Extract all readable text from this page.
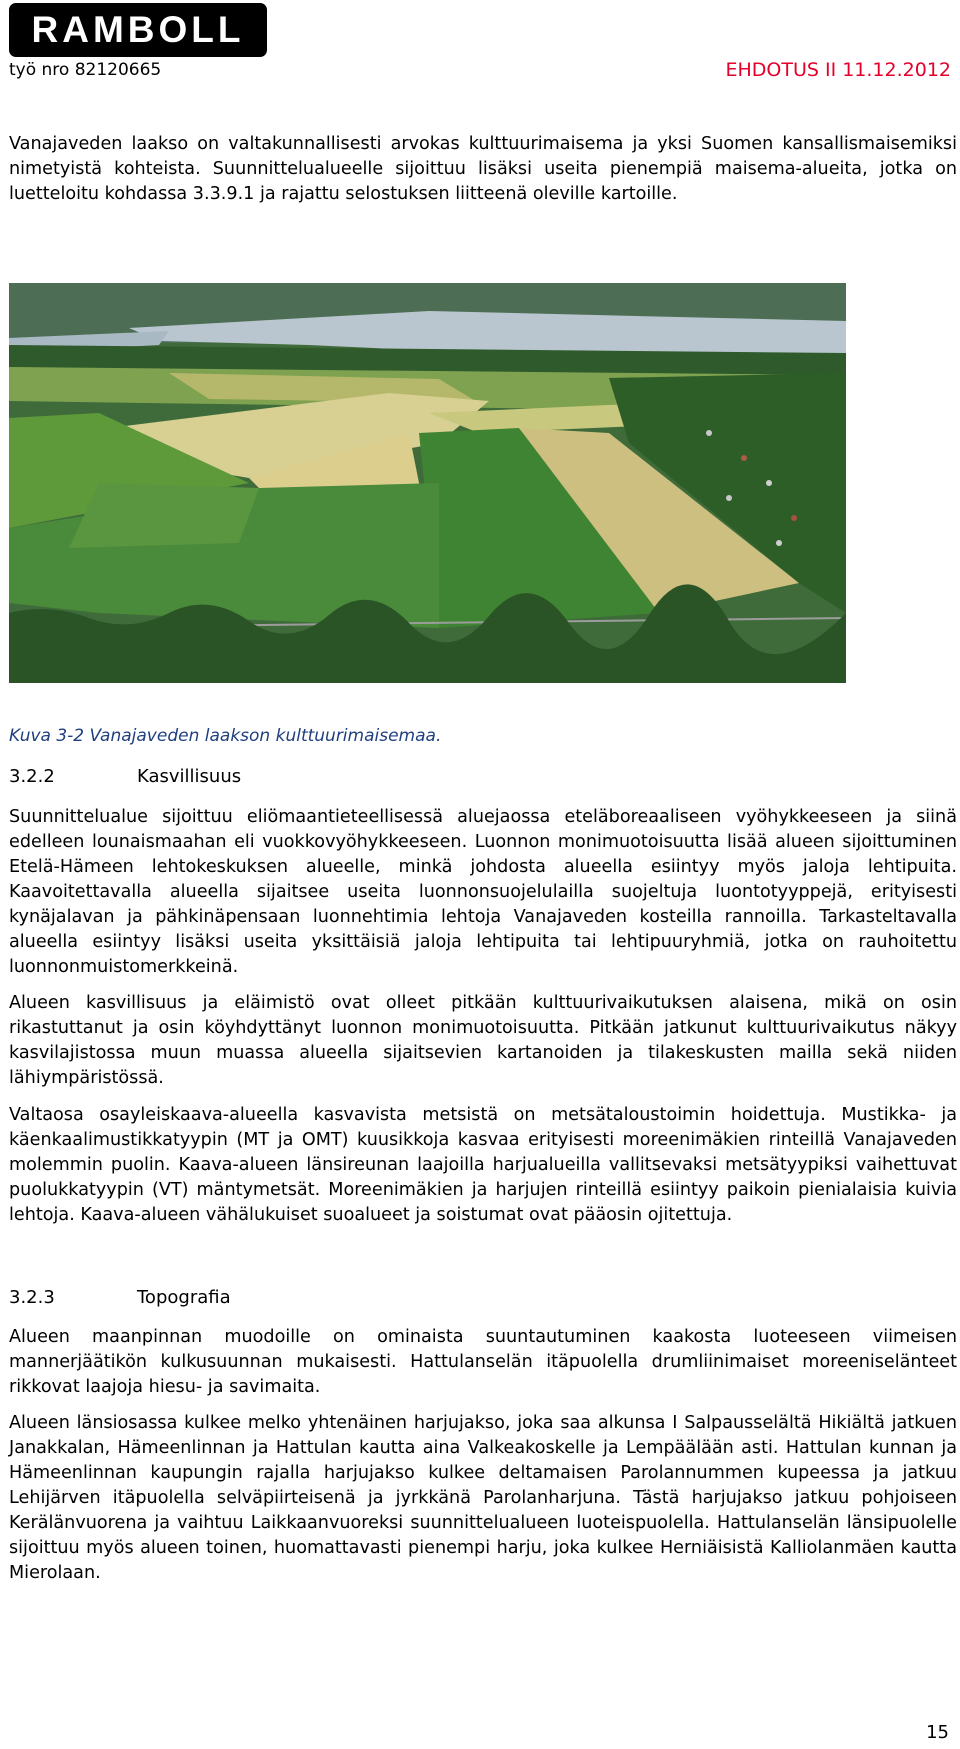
RAMBOLL
työ nro 82120665	EHDOTUS II 11.12.2012

Vanajaveden laakso on valtakunnallisesti arvokas kulttuurimaisema ja yksi Suomen kansallismaisemiksi nimetyistä kohteista. Suunnittelualueelle sijoittuu lisäksi useita pienempiä maisema-alueita, jotka on luetteloitu kohdassa 3.3.9.1 ja rajattu selostuksen liitteenä oleville kartoille.

Kuva 3-2 Vanajaveden laakson kulttuurimaisemaa.
3.2.2	Kasvillisuus

Suunnittelualue sijoittuu eliömaantieteellisessä aluejaossa eteläboreaaliseen vyöhykkeeseen ja siinä edelleen lounaismaahan eli vuokkovyöhykkeeseen. Luonnon monimuotoisuutta lisää alueen sijoittuminen Etelä-Hämeen lehtokeskuksen alueelle, minkä johdosta alueella esiintyy myös jaloja lehtipuita. Kaavoitettavalla alueella sijaitsee useita luonnonsuojelulailla suojeltuja luontotyyppejä, erityisesti kynäjalavan ja pähkinäpensaan luonnehtimia lehtoja Vanajaveden kosteilla rannoilla. Tarkasteltavalla alueella esiintyy lisäksi useita yksittäisiä jaloja lehtipuita tai lehtipuuryhmiä, jotka on rauhoitettu luonnonmuistomerkkeinä.

Alueen kasvillisuus ja eläimistö ovat olleet pitkään kulttuurivaikutuksen alaisena, mikä on osin rikastuttanut ja osin köyhdyttänyt luonnon monimuotoisuutta. Pitkään jatkunut kulttuurivaikutus näkyy kasvilajistossa muun muassa alueella sijaitsevien kartanoiden ja tilakeskusten mailla sekä niiden lähiympäristössä.

Valtaosa osayleiskaava-alueella kasvavista metsistä on metsätaloustoimin hoidettuja. Mustikka- ja käenkaalimustikkatyypin (MT ja OMT) kuusikkoja kasvaa erityisesti moreenimäkien rinteillä Vanajaveden molemmin puolin. Kaava-alueen länsireunan laajoilla harjualueilla vallitsevaksi metsätyypiksi vaihettuvat puolukkatyypin (VT) mäntymetsät. Moreenimäkien ja harjujen rinteillä esiintyy paikoin pienialaisia kuivia lehtoja. Kaava-alueen vähälukuiset suoalueet ja soistumat ovat pääosin ojitettuja.

3.2.3	Topografia

Alueen maanpinnan muodoille on ominaista suuntautuminen kaakosta luoteeseen viimeisen mannerjäätikön kulkusuunnan mukaisesti. Hattulanselän itäpuolella drumliinimaiset moreeniselänteet rikkovat laajoja hiesu- ja savimaita.

Alueen länsiosassa kulkee melko yhtenäinen harjujakso, joka saa alkunsa I Salpausselältä Hikiältä jatkuen Janakkalan, Hämeenlinnan ja Hattulan kautta aina Valkeakoskelle ja Lempäälään asti. Hattulan kunnan ja Hämeenlinnan kaupungin rajalla harjujakso kulkee deltamaisen Parolannummen kupeessa ja jatkuu Lehijärven itäpuolella selväpiirteisenä ja jyrkkänä Parolanharjuna. Tästä harjujakso jatkuu pohjoiseen Kerälänvuorena ja vaihtuu Laikkaanvuoreksi suunnittelualueen luoteispuolella. Hattulanselän länsipuolelle sijoittuu myös alueen toinen, huomattavasti pienempi harju, joka kulkee Herniäisistä Kalliolanmäen kautta Mierolaan.

15
